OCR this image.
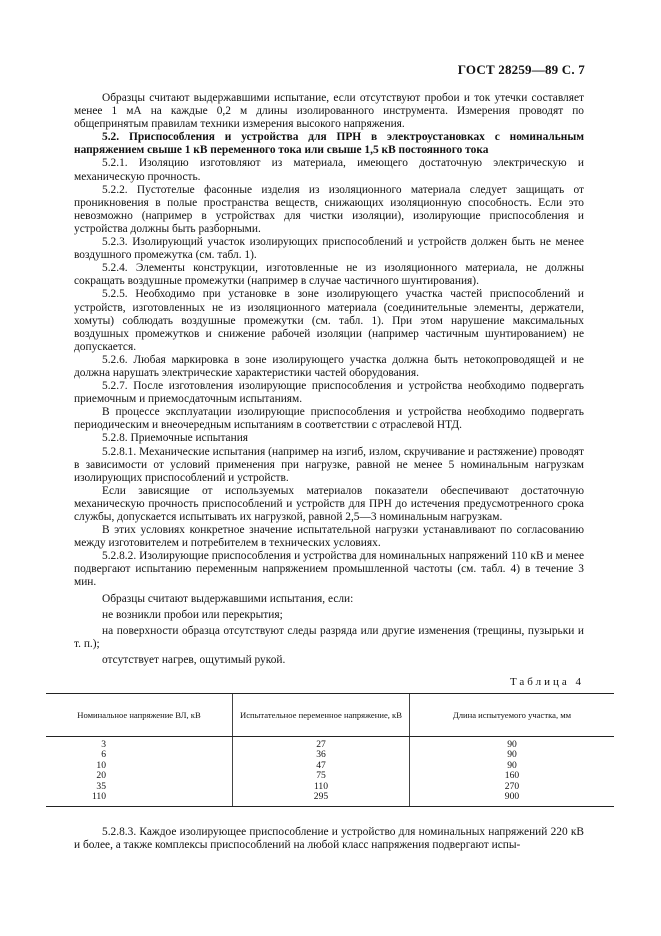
ГОСТ 28259—89 С. 7

Образцы считают выдержавшими испытание, если отсутствуют пробои и ток утечки составляет менее 1 мА на каждые 0,2 м длины изолированного инструмента. Измерения проводят по общепринятым правилам техники измерения высокого напряжения.

5.2. Приспособления и устройства для ПРН в электроустановках с номинальным напряжением свыше 1 кВ переменного тока или свыше 1,5 кВ постоянного тока

5.2.1. Изоляцию изготовляют из материала, имеющего достаточную электрическую и механическую прочность.

5.2.2. Пустотелые фасонные изделия из изоляционного материала следует защищать от проникновения в полые пространства веществ, снижающих изоляционную способность. Если это невозможно (например в устройствах для чистки изоляции), изолирующие приспособления и устройства должны быть разборными.

5.2.3. Изолирующий участок изолирующих приспособлений и устройств должен быть не менее воздушного промежутка (см. табл. 1).

5.2.4. Элементы конструкции, изготовленные не из изоляционного материала, не должны сокращать воздушные промежутки (например в случае частичного шунтирования).

5.2.5. Необходимо при установке в зоне изолирующего участка частей приспособлений и устройств, изготовленных не из изоляционного материала (соединительные элементы, держатели, хомуты) соблюдать воздушные промежутки (см. табл. 1). При этом нарушение максимальных воздушных промежутков и снижение рабочей изоляции (например частичным шунтированием) не допускается.

5.2.6. Любая маркировка в зоне изолирующего участка должна быть нетокопроводящей и не должна нарушать электрические характеристики частей оборудования.

5.2.7. После изготовления изолирующие приспособления и устройства необходимо подвергать приемочным и приемосдаточным испытаниям.

В процессе эксплуатации изолирующие приспособления и устройства необходимо подвергать периодическим и внеочередным испытаниям в соответствии с отраслевой НТД.

5.2.8. Приемочные испытания

5.2.8.1. Механические испытания (например на изгиб, излом, скручивание и растяжение) проводят в зависимости от условий применения при нагрузке, равной не менее 5 номинальным нагрузкам изолирующих приспособлений и устройств.

Если зависящие от используемых материалов показатели обеспечивают достаточную механическую прочность приспособлений и устройств для ПРН до истечения предусмотренного срока службы, допускается испытывать их нагрузкой, равной 2,5—3 номинальным нагрузкам.

В этих условиях конкретное значение испытательной нагрузки устанавливают по согласованию между изготовителем и потребителем в технических условиях.

5.2.8.2. Изолирующие приспособления и устройства для номинальных напряжений 110 кВ и менее подвергают испытанию переменным напряжением промышленной частоты (см. табл. 4) в течение 3 мин.

Образцы считают выдержавшими испытания, если:

не возникли пробои или перекрытия;

на поверхности образца отсутствуют следы разряда или другие изменения (трещины, пузырьки и т. п.);

отсутствует нагрев, ощутимый рукой.

Таблица 4
Номинальное напряжение ВЛ, кВ	Испытательное переменное напряжение, кВ	Длина испытуемого участка, мм
3	27	90
6	36	90
10	47	90
20	75	160
35	110	270
110	295	900

5.2.8.3. Каждое изолирующее приспособление и устройство для номинальных напряжений 220 кВ и более, а также комплексы приспособлений на любой класс напряжения подвергают испы-
